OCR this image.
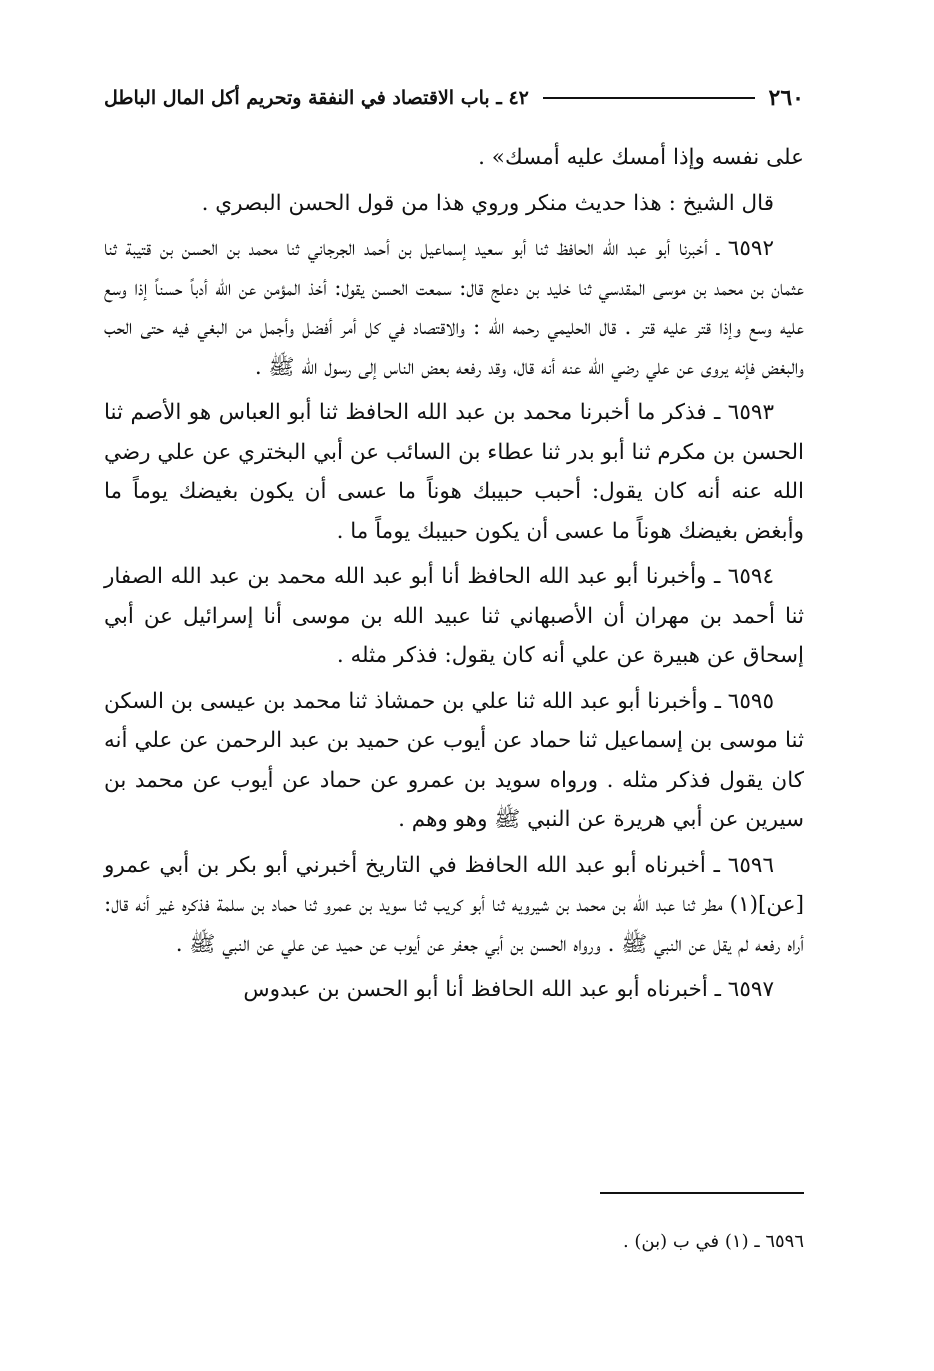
٢٦٠
٤٢ ـ باب الاقتصاد في النفقة وتحريم أكل المال الباطل

على نفسه وإذا أمسك عليه أمسك» .

قال الشيخ : هذا حديث منكر وروي هذا من قول الحسن البصري .

٦٥٩٢ ـ أخبرنا أبو عبد الله الحافظ ثنا أبو سعيد إسماعيل بن أحمد الجرجاني ثنا محمد بن الحسن بن قتيبة ثنا عثمان بن محمد بن موسى المقدسي ثنا خليد بن دعلج قال: سمعت الحسن يقول: أخذ المؤمن عن الله أدباً حسناً إذا وسع عليه وسع وإذا قتر عليه قتر . قال الحليمي رحمه الله : والاقتصاد في كل أمر أفضل وأجمل من البغي فيه حتى الحب والبغض فإنه يروى عن علي رضي الله عنه أنه قال، وقد رفعه بعض الناس إلى رسول الله ﷺ .

٦٥٩٣ ـ فذكر ما أخبرنا محمد بن عبد الله الحافظ ثنا أبو العباس هو الأصم ثنا الحسن بن مكرم ثنا أبو بدر ثنا عطاء بن السائب عن أبي البختري عن علي رضي الله عنه أنه كان يقول: أحبب حبيبك هوناً ما عسى أن يكون بغيضك يوماً ما وأبغض بغيضك هوناً ما عسى أن يكون حبيبك يوماً ما .

٦٥٩٤ ـ وأخبرنا أبو عبد الله الحافظ أنا أبو عبد الله محمد بن عبد الله الصفار ثنا أحمد بن مهران أن الأصبهاني ثنا عبيد الله بن موسى أنا إسرائيل عن أبي إسحاق عن هبيرة عن علي أنه كان يقول: فذكر مثله .

٦٥٩٥ ـ وأخبرنا أبو عبد الله ثنا علي بن حمشاذ ثنا محمد بن عيسى بن السكن ثنا موسى بن إسماعيل ثنا حماد عن أيوب عن حميد بن عبد الرحمن عن علي أنه كان يقول فذكر مثله . ورواه سويد بن عمرو عن حماد عن أيوب عن محمد بن سيرين عن أبي هريرة عن النبي ﷺ وهو وهم .

٦٥٩٦ ـ أخبرناه أبو عبد الله الحافظ في التاريخ أخبرني أبو بكر بن أبي عمرو [عن](١) مطر ثنا عبد الله بن محمد بن شيرويه ثنا أبو كريب ثنا سويد بن عمرو ثنا حماد بن سلمة فذكره غير أنه قال: أراه رفعه لم يقل عن النبي ﷺ . ورواه الحسن بن أبي جعفر عن أيوب عن حميد عن علي عن النبي ﷺ .

٦٥٩٧ ـ أخبرناه أبو عبد الله الحافظ أنا أبو الحسن بن عبدوس

٦٥٩٦ ـ (١) في ب (بن) .
